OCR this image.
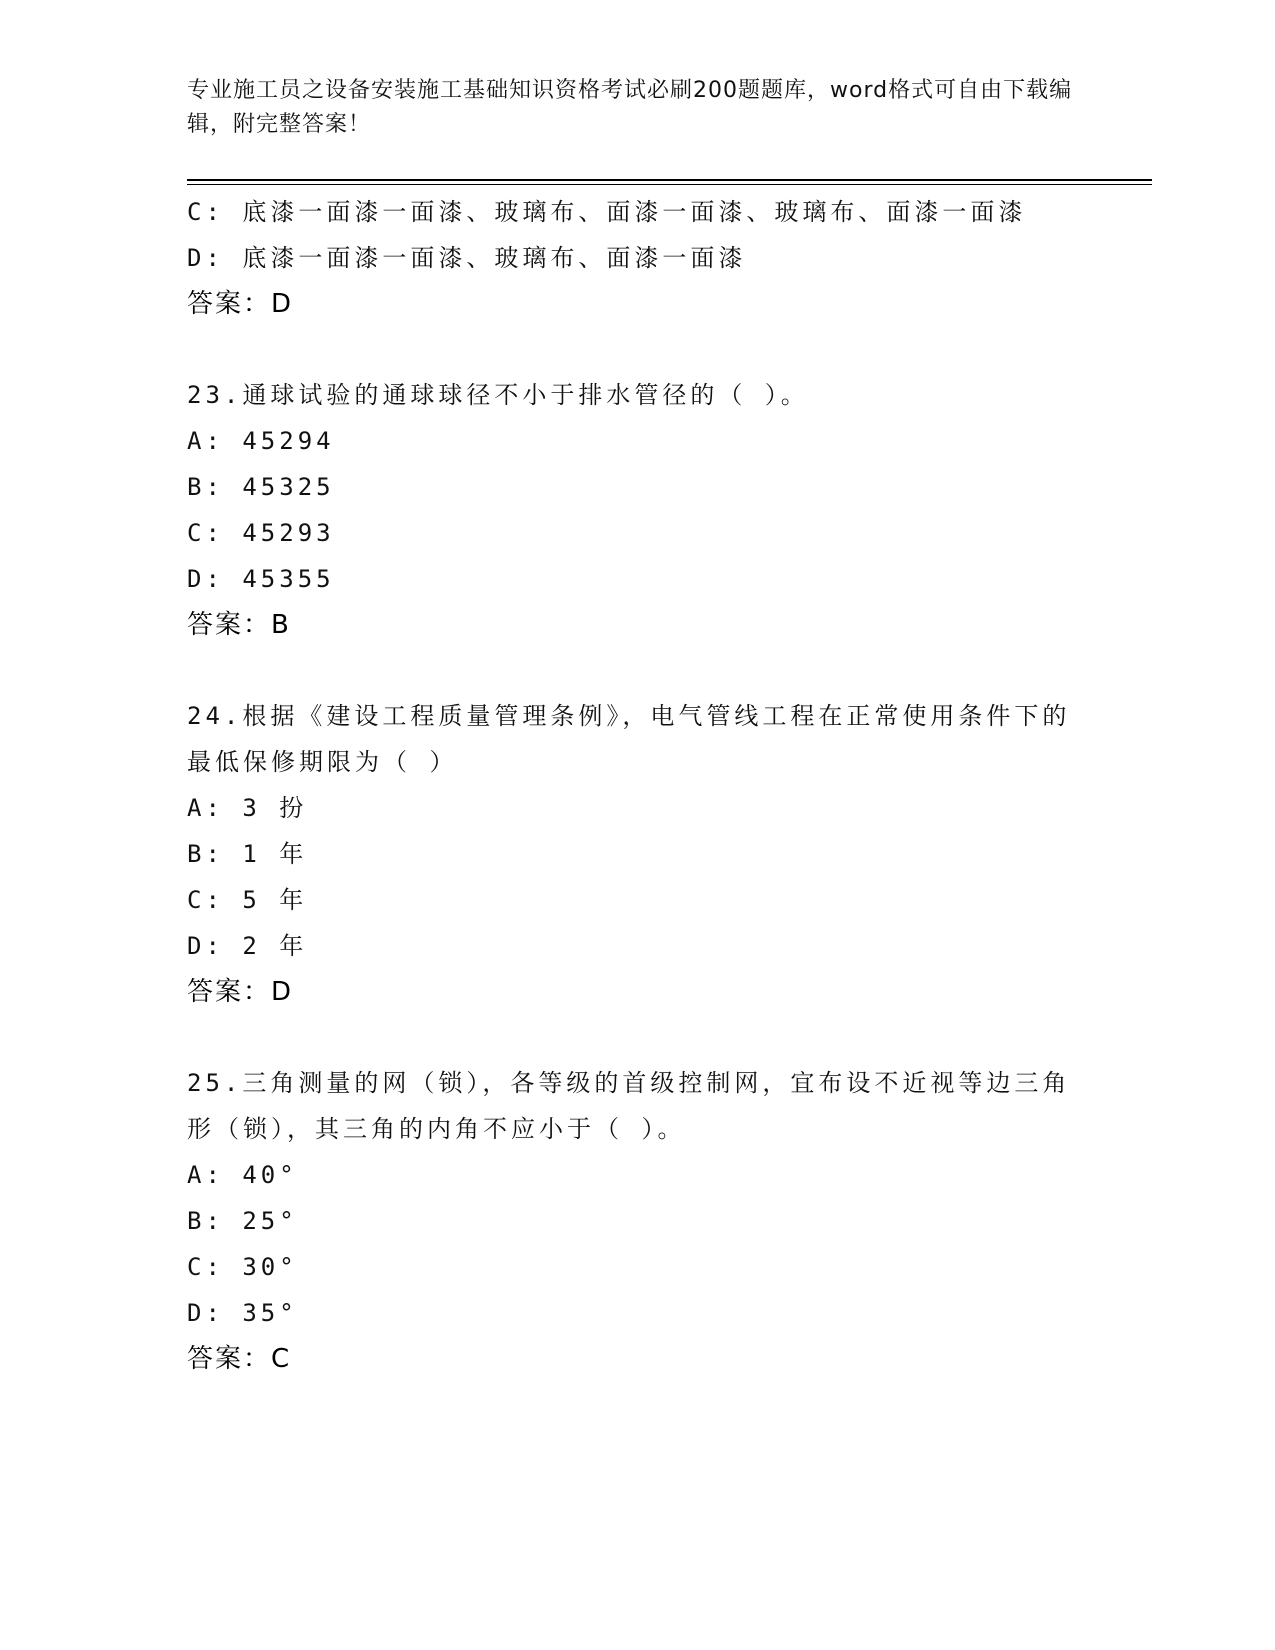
专业施工员之设备安装施工基础知识资格考试必刷200题题库，word格式可自由下载编辑，附完整答案！
C: 底漆一面漆一面漆、玻璃布、面漆一面漆、玻璃布、面漆一面漆
D: 底漆一面漆一面漆、玻璃布、面漆一面漆
答案：D
23.通球试验的通球球径不小于排水管径的（ ）。
A: 45294
B: 45325
C: 45293
D: 45355
答案：B
24.根据《建设工程质量管理条例》，电气管线工程在正常使用条件下的最低保修期限为（ ）
A: 3 扮
B: 1 年
C: 5 年
D: 2 年
答案：D
25.三角测量的网（锁），各等级的首级控制网，宜布设不近视等边三角形（锁），其三角的内角不应小于（ ）。
A: 40°
B: 25°
C: 30°
D: 35°
答案：C
